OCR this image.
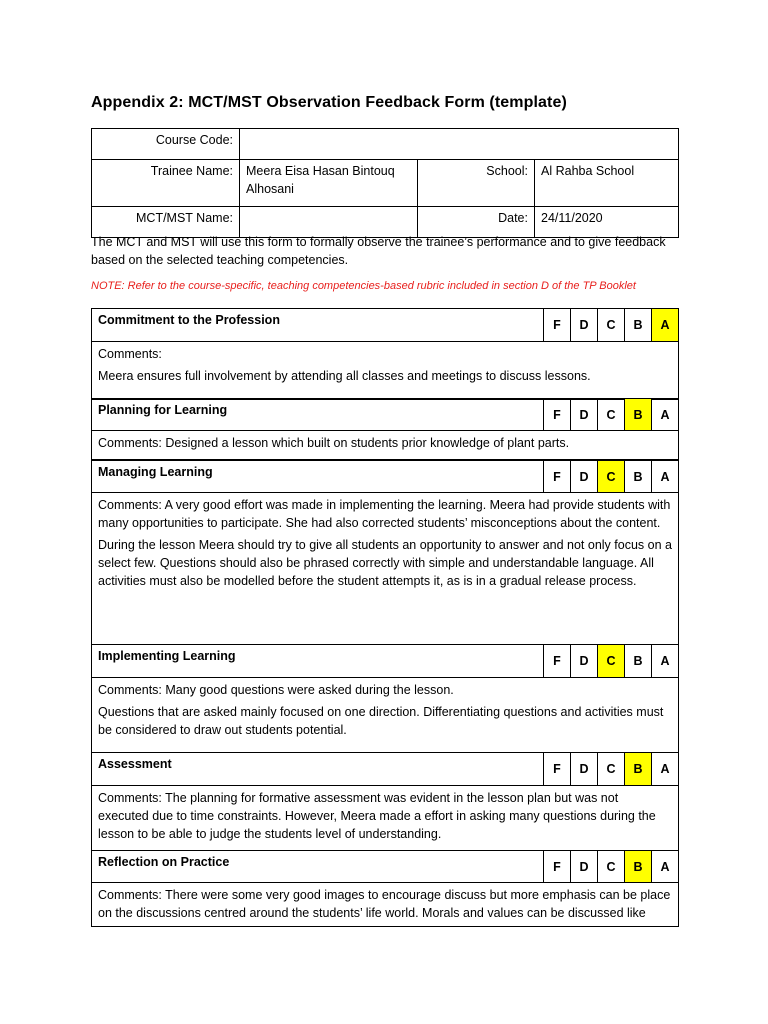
Appendix 2: MCT/MST Observation Feedback Form (template)
Course Code:			
Trainee Name:	Meera Eisa Hasan Bintouq Alhosani	School:	Al Rahba School
MCT/MST Name:		Date:	24/11/2020
The MCT and MST will use this form to formally observe the trainee’s performance and to give feedback based on the selected teaching competencies.
NOTE: Refer to the course-specific, teaching competencies-based rubric included in section D of the TP Booklet
Commitment to the Profession	F	D	C	B	A

Comments:

Meera ensures full involvement by attending all classes and meetings to discuss lessons.

Planning for Learning	F	D	C	B	A

Comments: Designed a lesson which built on students prior knowledge of plant parts.

Managing Learning	F	D	C	B	A

Comments: A very good effort was made in implementing the learning. Meera had provide students with many opportunities to participate. She had also corrected students’ misconceptions about the content.

During the lesson Meera should try to give all students an opportunity to answer and not only focus on a select few. Questions should also be phrased correctly with simple and understandable language. All activities must also be modelled before the student attempts it, as is in a gradual release process.

Implementing Learning	F	D	C	B	A

Comments: Many good questions were asked during the lesson.

Questions that are asked mainly focused on one direction. Differentiating questions and activities must be considered to draw out students potential.

Assessment	F	D	C	B	A

Comments: The planning for formative assessment was evident in the lesson plan but was not executed due to time constraints. However, Meera made a effort in asking many questions during the lesson to be able to judge the students level of understanding.

Reflection on Practice	F	D	C	B	A

Comments: There were some very good images to encourage discuss but more emphasis can be place on the discussions centred around the students’ life world. Morals and values can be discussed like
